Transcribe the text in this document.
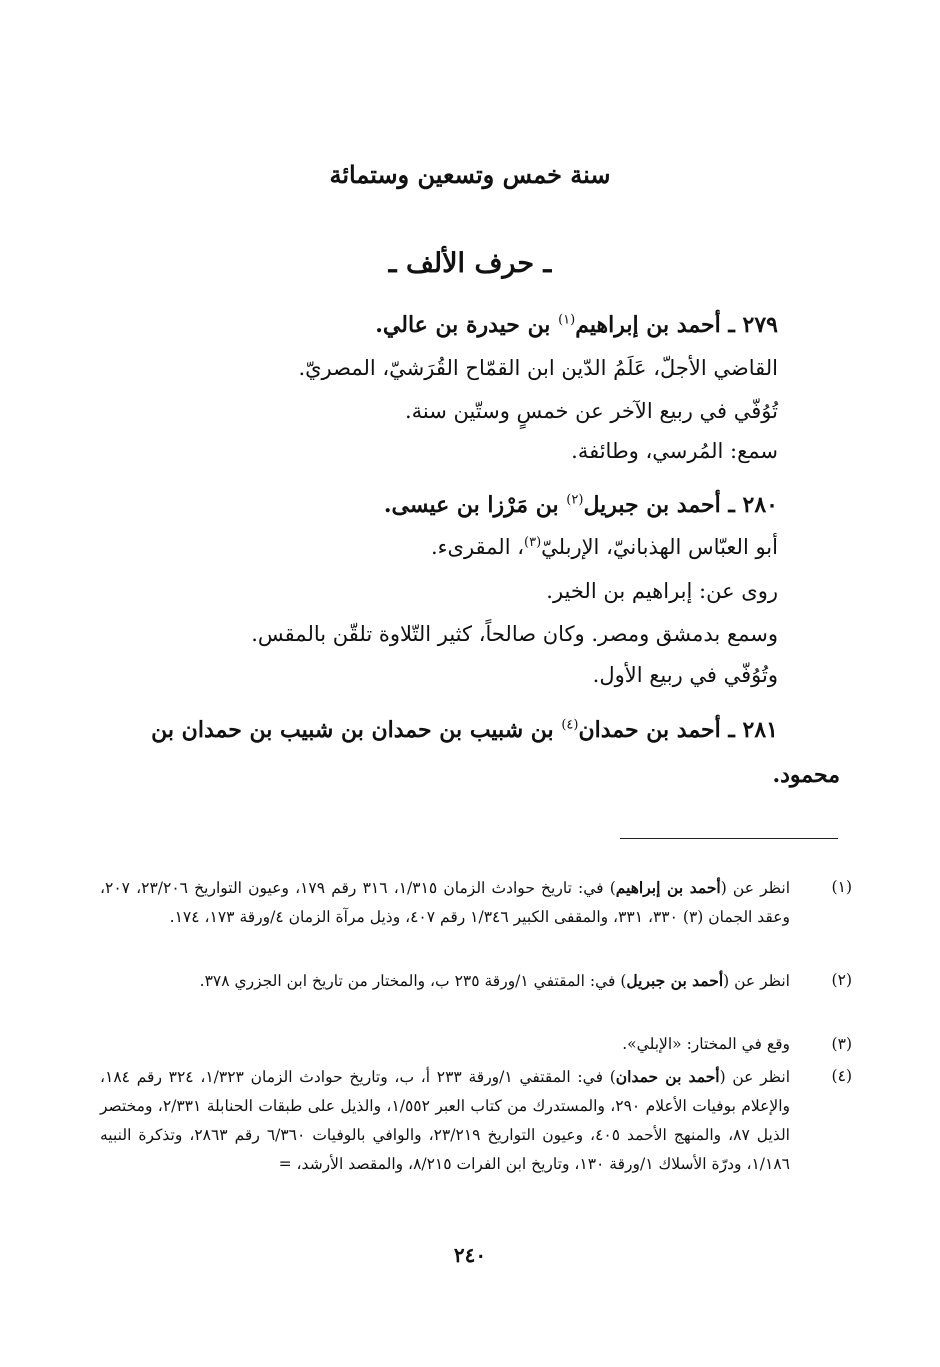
سنة خمس وتسعين وستمائة
ـ حرف الألف ـ
٢٧٩ ـ أحمد بن إبراهيم$^{(١)}$ بن حيدرة بن عالي.
القاضي الأجلّ، عَلَمُ الدّين ابن القمّاح القُرَشيّ، المصريّ.
تُوُفّي في ربيع الآخر عن خمسٍ وستّين سنة.
سمع: المُرسي، وطائفة.
٢٨٠ ـ أحمد بن جبريل$^{(٢)}$ بن مَرْزا بن عيسى.
أبو العبّاس الهذبانيّ، الإربليّ$^{(٣)}$، المقرىء.
روى عن: إبراهيم بن الخير.
وسمع بدمشق ومصر. وكان صالحاً، كثير التّلاوة تلقّن بالمقس.
وتُوُفّي في ربيع الأول.
٢٨١ ـ أحمد بن حمدان$^{(٤)}$ بن شبيب بن حمدان بن شبيب بن حمدان بن
محمود.
(١)
انظر عن (أحمد بن إبراهيم) في: تاريخ حوادث الزمان ١/٣١٥، ٣١٦ رقم ١٧٩، وعيون التواريخ ٢٣/٢٠٦، ٢٠٧، وعقد الجمان (٣) ٣٣٠، ٣٣١، والمقفى الكبير ١/٣٤٦ رقم ٤٠٧، وذيل مرآة الزمان ٤/ورقة ١٧٣، ١٧٤.
(٢)
انظر عن (أحمد بن جبريل) في: المقتفي ١/ورقة ٢٣٥ ب، والمختار من تاريخ ابن الجزري ٣٧٨.
(٣)
وقع في المختار: «الإبلي».
(٤)
انظر عن (أحمد بن حمدان) في: المقتفي ١/ورقة ٢٣٣ أ، ب، وتاريخ حوادث الزمان ١/٣٢٣، ٣٢٤ رقم ١٨٤، والإعلام بوفيات الأعلام ٢٩٠، والمستدرك من كتاب العبر ١/٥٥٢، والذيل على طبقات الحنابلة ٢/٣٣١، ومختصر الذيل ٨٧، والمنهج الأحمد ٤٠٥، وعيون التواريخ ٢٣/٢١٩، والوافي بالوفيات ٦/٣٦٠ رقم ٢٨٦٣، وتذكرة النبيه ١/١٨٦، ودرّة الأسلاك ١/ورقة ١٣٠، وتاريخ ابن الفرات ٨/٢١٥، والمقصد الأرشد، =
٢٤٠
